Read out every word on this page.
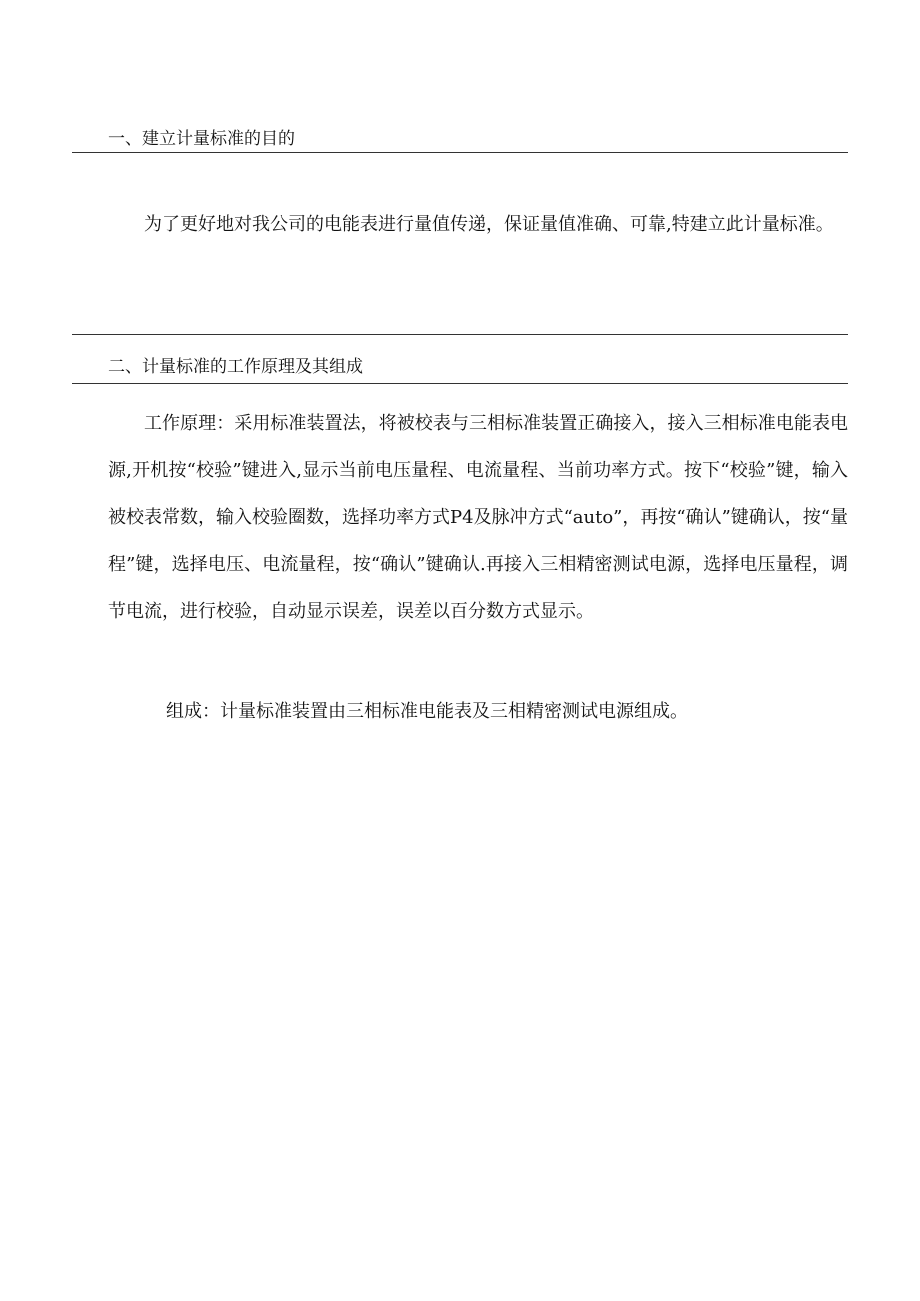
一、建立计量标准的目的

为了更好地对我公司的电能表进行量值传递，保证量值准确、可靠,特建立此计量标准。

二、计量标准的工作原理及其组成

工作原理：采用标准装置法，将被校表与三相标准装置正确接入，接入三相标准电能表电源,开机按“校验”键进入,显示当前电压量程、电流量程、当前功率方式。按下“校验”键，输入被校表常数，输入校验圈数，选择功率方式P4及脉冲方式“auto”，再按“确认”键确认，按“量程”键，选择电压、电流量程，按“确认”键确认.再接入三相精密测试电源，选择电压量程，调节电流，进行校验，自动显示误差，误差以百分数方式显示。

组成：计量标准装置由三相标准电能表及三相精密测试电源组成。
